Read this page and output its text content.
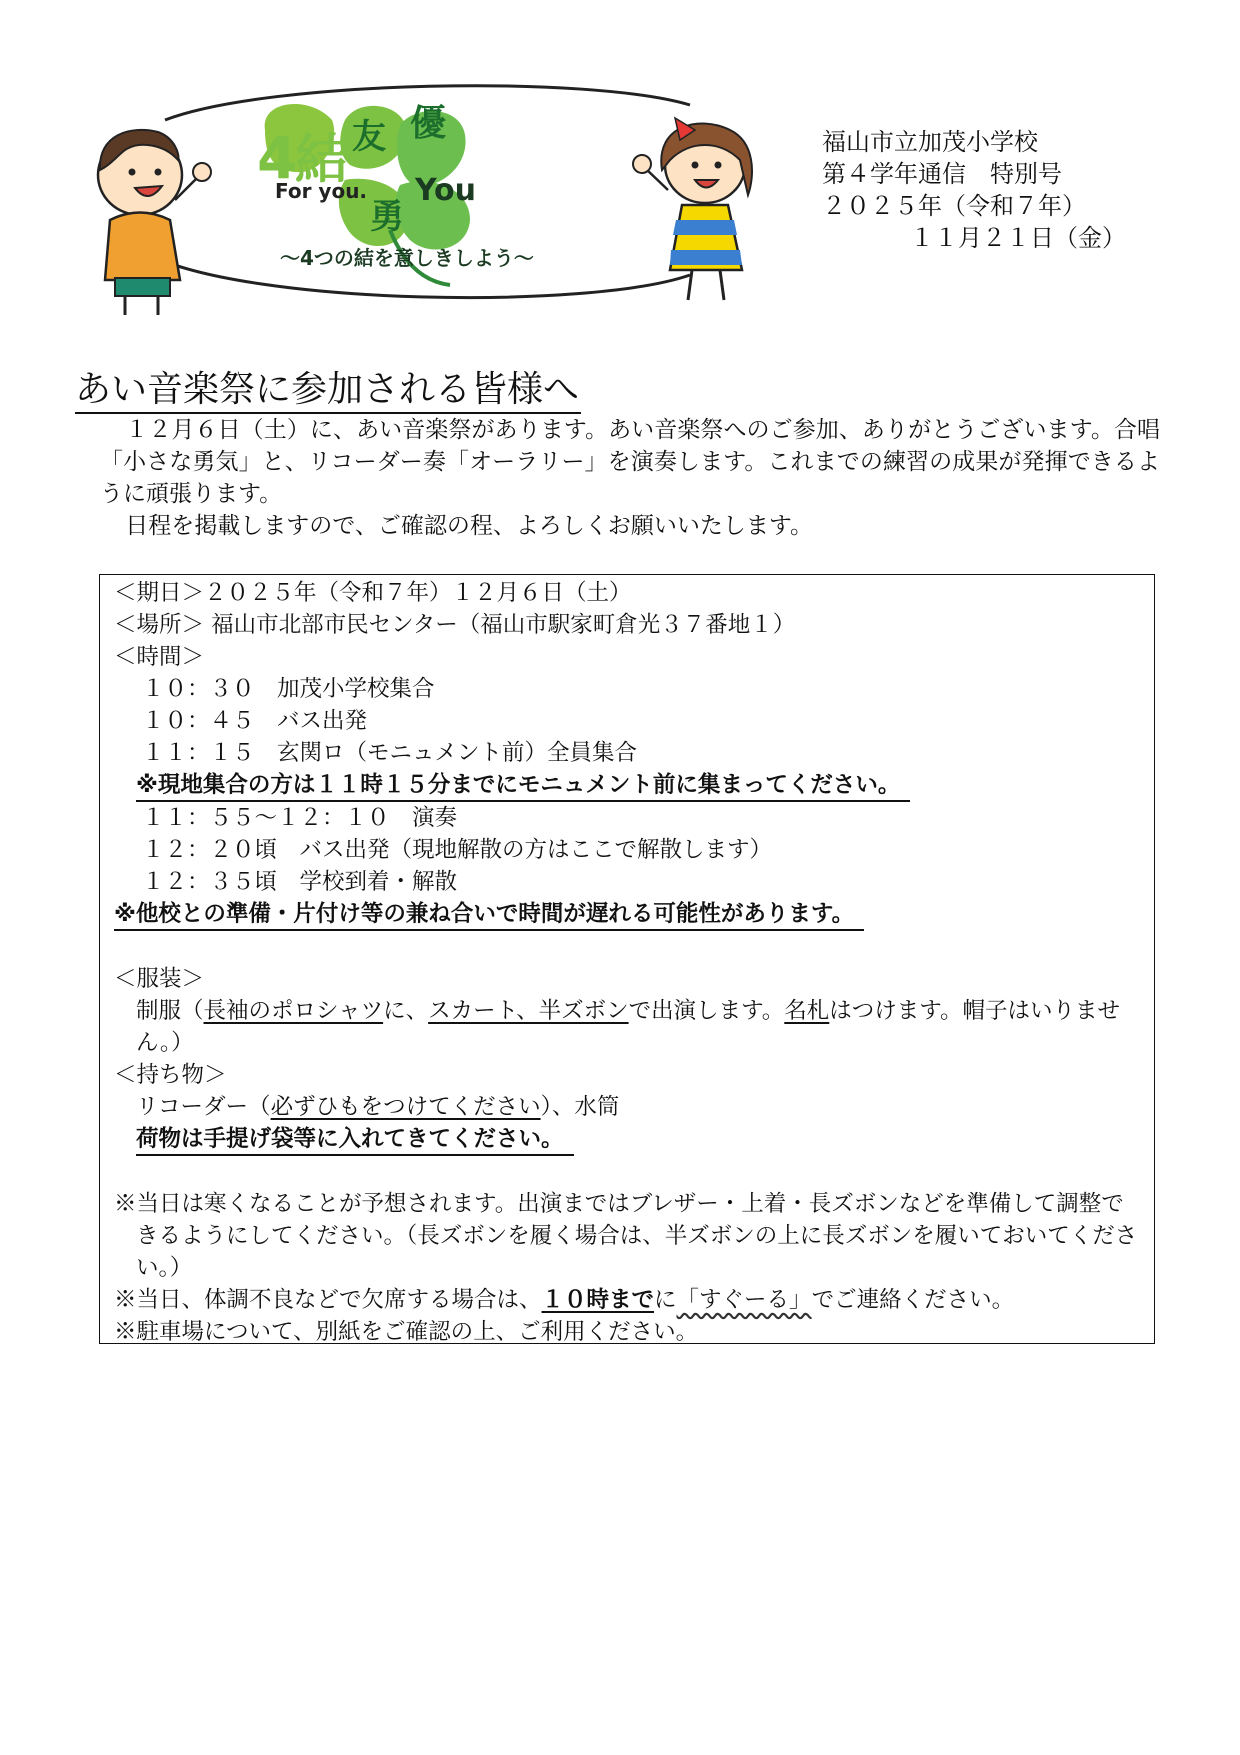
4
結 友 優
勇
For you. You
〜4つの結を意しきしよう〜
福山市立加茂小学校
第４学年通信　特別号
２０２５年（令和７年）
１１月２１日（金）
あい音楽祭に参加される皆様へ

１２月６日（土）に、あい音楽祭があります。あい音楽祭へのご参加、ありがとうございます。合唱「小さな勇気」と、リコーダー奏「オーラリー」を演奏します。これまでの練習の成果が発揮できるように頑張ります。

日程を掲載しますので、ご確認の程、よろしくお願いいたします。

＜期日＞２０２５年（令和７年）１２月６日（土）
＜場所＞ 福山市北部市民センター（福山市駅家町倉光３７番地１）
＜時間＞
１０：３０　加茂小学校集合
１０：４５　バス出発
１１：１５　玄関ロ（モニュメント前）全員集合
※現地集合の方は１１時１５分までにモニュメント前に集まってください。
１１：５５〜１２：１０　演奏
１２：２０頃　バス出発（現地解散の方はここで解散します）
１２：３５頃　学校到着・解散
※他校との準備・片付け等の兼ね合いで時間が遅れる可能性があります。
＜服装＞
制服（長袖のポロシャツに、スカート、半ズボンで出演します。名札はつけます。帽子はいりません。）
＜持ち物＞
リコーダー（必ずひもをつけてください）、水筒
荷物は手提げ袋等に入れてきてください。
※当日は寒くなることが予想されます。出演まではブレザー・上着・長ズボンなどを準備して調整できるようにしてください。（長ズボンを履く場合は、半ズボンの上に長ズボンを履いておいてください。）
※当日、体調不良などで欠席する場合は、１０時までに「すぐーる」でご連絡ください。
※駐車場について、別紙をご確認の上、ご利用ください。
